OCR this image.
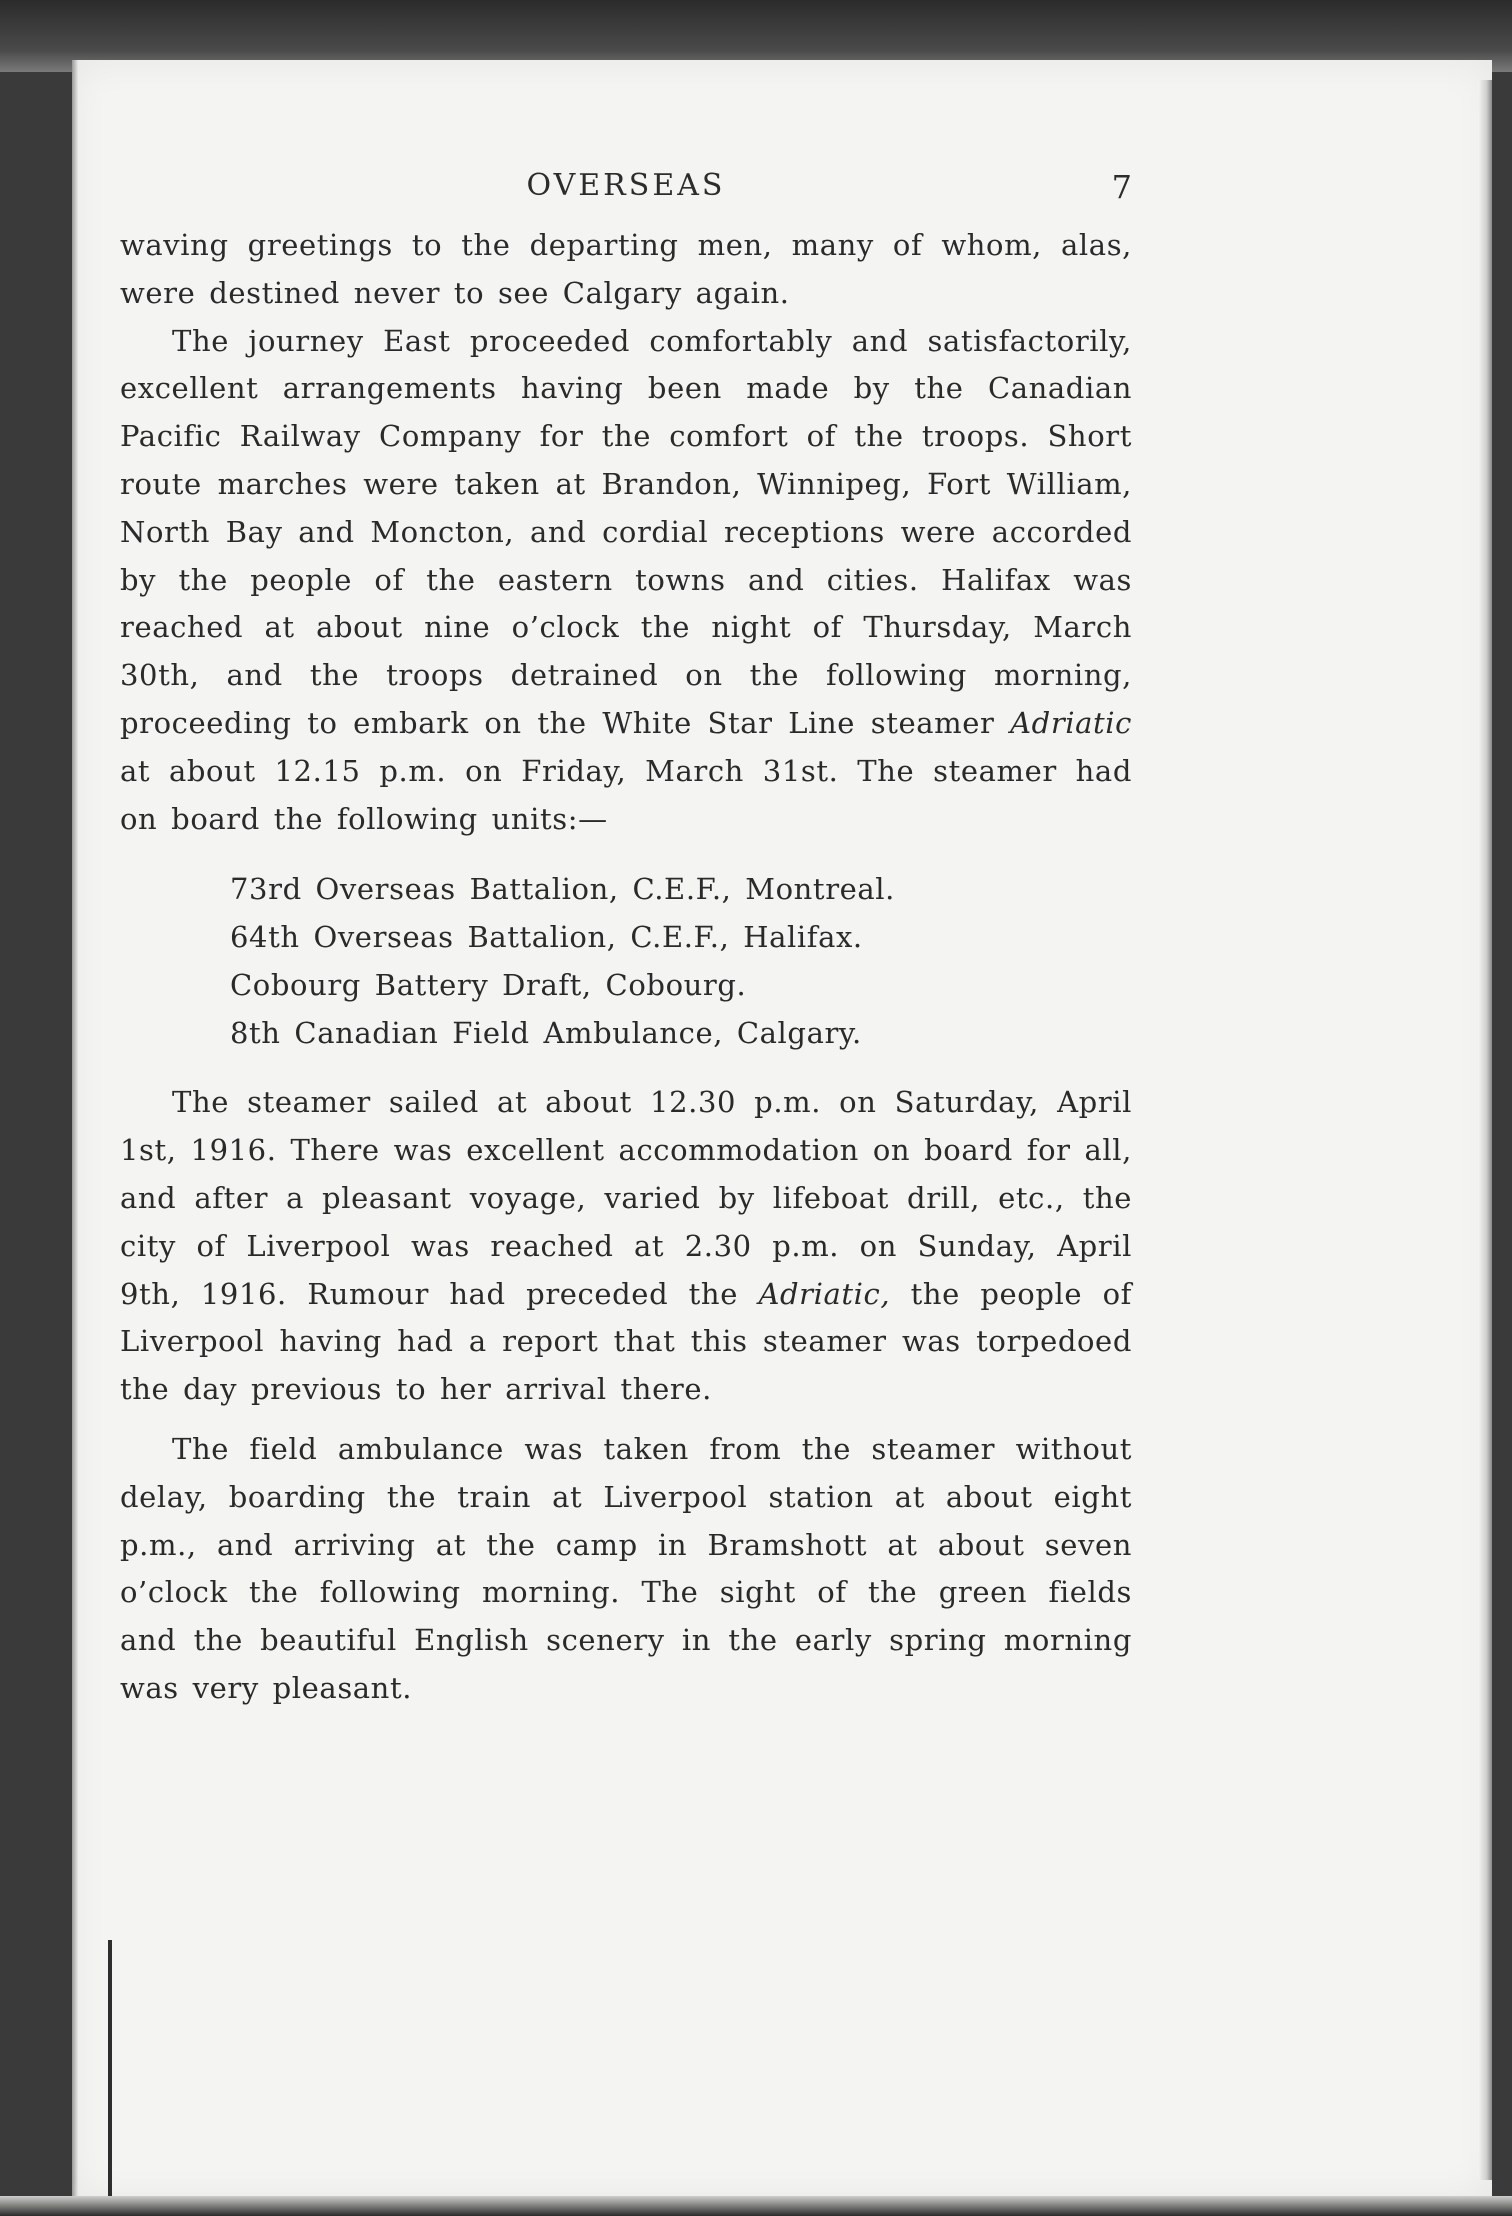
OVERSEAS	7

waving greetings to the departing men, many of whom, alas, were destined never to see Calgary again.

The journey East proceeded comfortably and satisfactorily, excellent arrangements having been made by the Canadian Pacific Railway Company for the comfort of the troops. Short route marches were taken at Brandon, Winnipeg, Fort William, North Bay and Moncton, and cordial receptions were accorded by the people of the eastern towns and cities. Halifax was reached at about nine o’clock the night of Thursday, March 30th, and the troops detrained on the following morning, proceeding to embark on the White Star Line steamer Adriatic at about 12.15 p.m. on Friday, March 31st. The steamer had on board the following units:—

73rd Overseas Battalion, C.E.F., Montreal.
64th Overseas Battalion, C.E.F., Halifax.
Cobourg Battery Draft, Cobourg.
8th Canadian Field Ambulance, Calgary.

The steamer sailed at about 12.30 p.m. on Saturday, April 1st, 1916. There was excellent accommodation on board for all, and after a pleasant voyage, varied by lifeboat drill, etc., the city of Liverpool was reached at 2.30 p.m. on Sunday, April 9th, 1916. Rumour had preceded the Adriatic, the people of Liverpool having had a report that this steamer was torpedoed the day previous to her arrival there.

The field ambulance was taken from the steamer without delay, boarding the train at Liverpool station at about eight p.m., and arriving at the camp in Bramshott at about seven o’clock the following morning. The sight of the green fields and the beautiful English scenery in the early spring morning was very pleasant.
